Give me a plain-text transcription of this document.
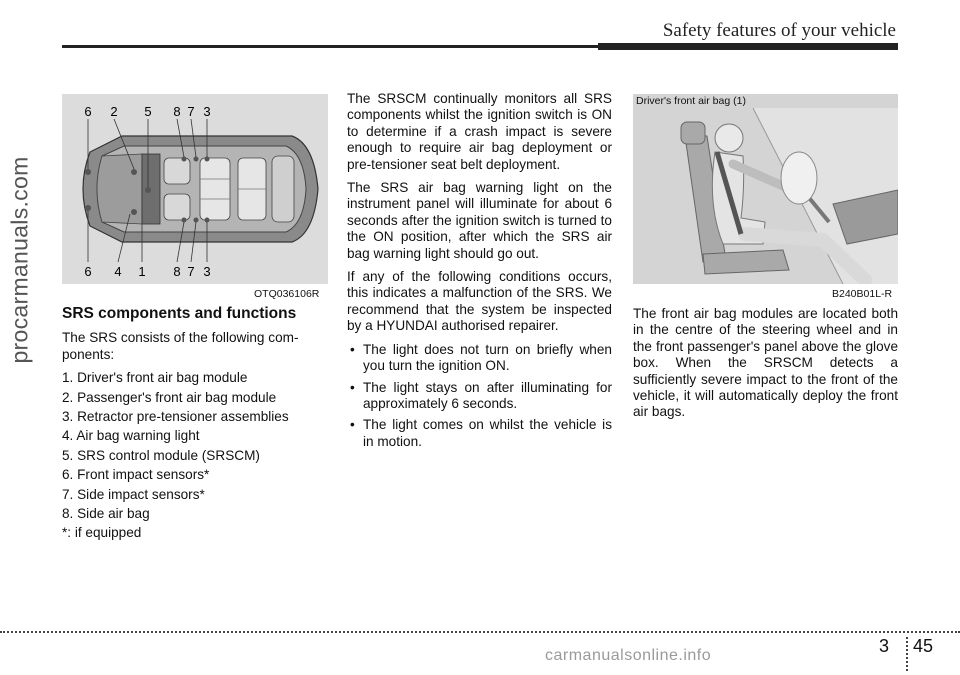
Safety features of your vehicle
procarmanuals.com
6 2 5 8 7 3
6 4 1 8 7 3
OTQ036106R
SRS components and functions

The SRS consists of the following com-ponents:

1. Driver's front air bag module
2. Passenger's front air bag module
3. Retractor pre-tensioner assemblies
4. Air bag warning light
5. SRS control module (SRSCM)
6. Front impact sensors*
7. Side impact sensors*
8. Side air bag
*: if equipped

The SRSCM continually monitors all SRS components whilst the ignition switch is ON to determine if a crash impact is severe enough to require air bag deployment or pre-tensioner seat belt deployment.

The SRS air bag warning light on the instrument panel will illuminate for about 6 seconds after the ignition switch is turned to the ON position, after which the SRS air bag warning light should go out.

If any of the following conditions occurs, this indicates a malfunction of the SRS. We recommend that the system be inspected by a HYUNDAI authorised repairer.

• The light does not turn on briefly when you turn the ignition ON.
• The light stays on after illuminating for approximately 6 seconds.
• The light comes on whilst the vehicle is in motion.
Driver's front air bag (1)
B240B01L-R

The front air bag modules are located both in the centre of the steering wheel and in the front passenger's panel above the glove box. When the SRSCM detects a sufficiently severe impact to the front of the vehicle, it will automatically deploy the front air bags.

3 45
carmanualsonline.info
